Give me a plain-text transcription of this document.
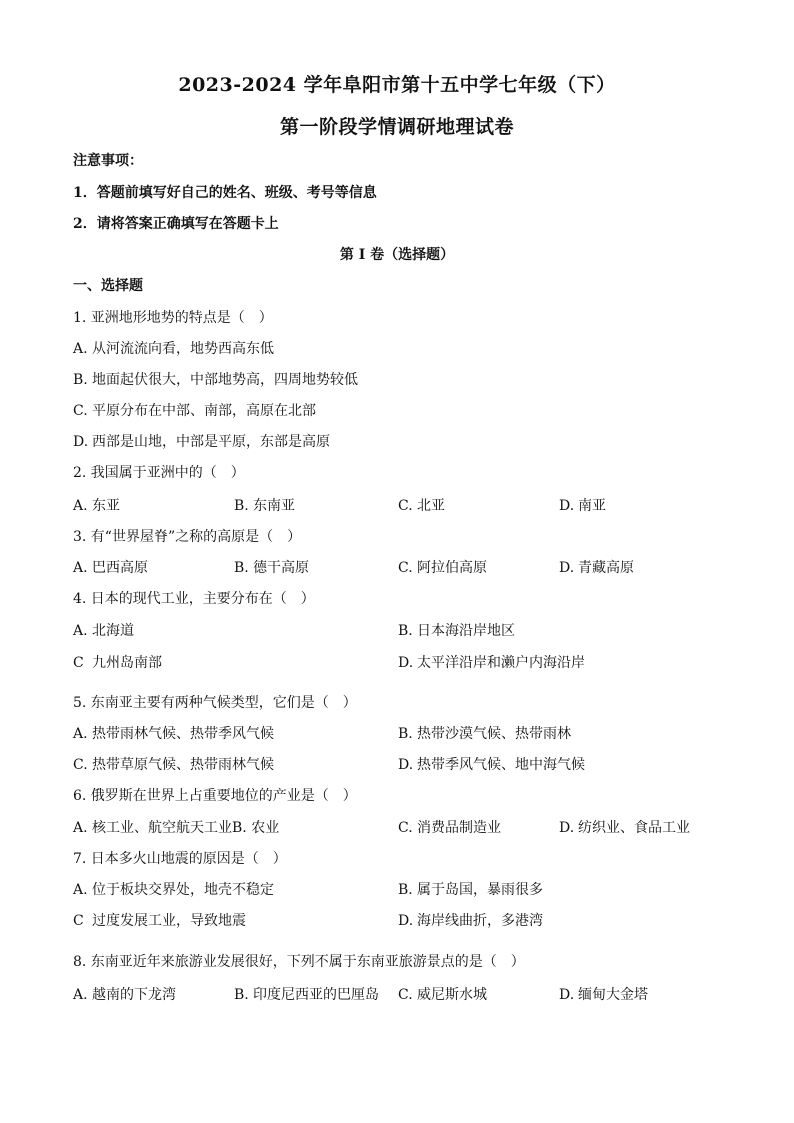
2023-2024 学年阜阳市第十五中学七年级（下）
第一阶段学情调研地理试卷
注意事项：
1．答题前填写好自己的姓名、班级、考号等信息
2．请将答案正确填写在答题卡上
第 I 卷（选择题）
一、选择题
1. 亚洲地形地势的特点是（　）
A. 从河流流向看，地势西高东低
B. 地面起伏很大，中部地势高，四周地势较低
C. 平原分布在中部、南部，高原在北部
D. 西部是山地，中部是平原，东部是高原
2. 我国属于亚洲中的（　）
A. 东亚	B. 东南亚	C. 北亚	D. 南亚
3. 有“世界屋脊”之称的高原是（　）
A. 巴西高原	B. 德干高原	C. 阿拉伯高原	D. 青藏高原
4. 日本的现代工业，主要分布在（　）
A. 北海道	B. 日本海沿岸地区
C 九州岛南部	D. 太平洋沿岸和濑户内海沿岸
5. 东南亚主要有两种气候类型，它们是（　）
A. 热带雨林气候、热带季风气候	B. 热带沙漠气候、热带雨林
C. 热带草原气候、热带雨林气候	D. 热带季风气候、地中海气候
6. 俄罗斯在世界上占重要地位的产业是（　）
A. 核工业、航空航天工业B. 农业	C. 消费品制造业	D. 纺织业、食品工业
7. 日本多火山地震的原因是（　）
A. 位于板块交界处，地壳不稳定	B. 属于岛国，暴雨很多
C 过度发展工业，导致地震	D. 海岸线曲折，多港湾
8. 东南亚近年来旅游业发展很好，下列不属于东南亚旅游景点的是（　）
A. 越南的下龙湾	B. 印度尼西亚的巴厘岛 C. 威尼斯水城	D. 缅甸大金塔
